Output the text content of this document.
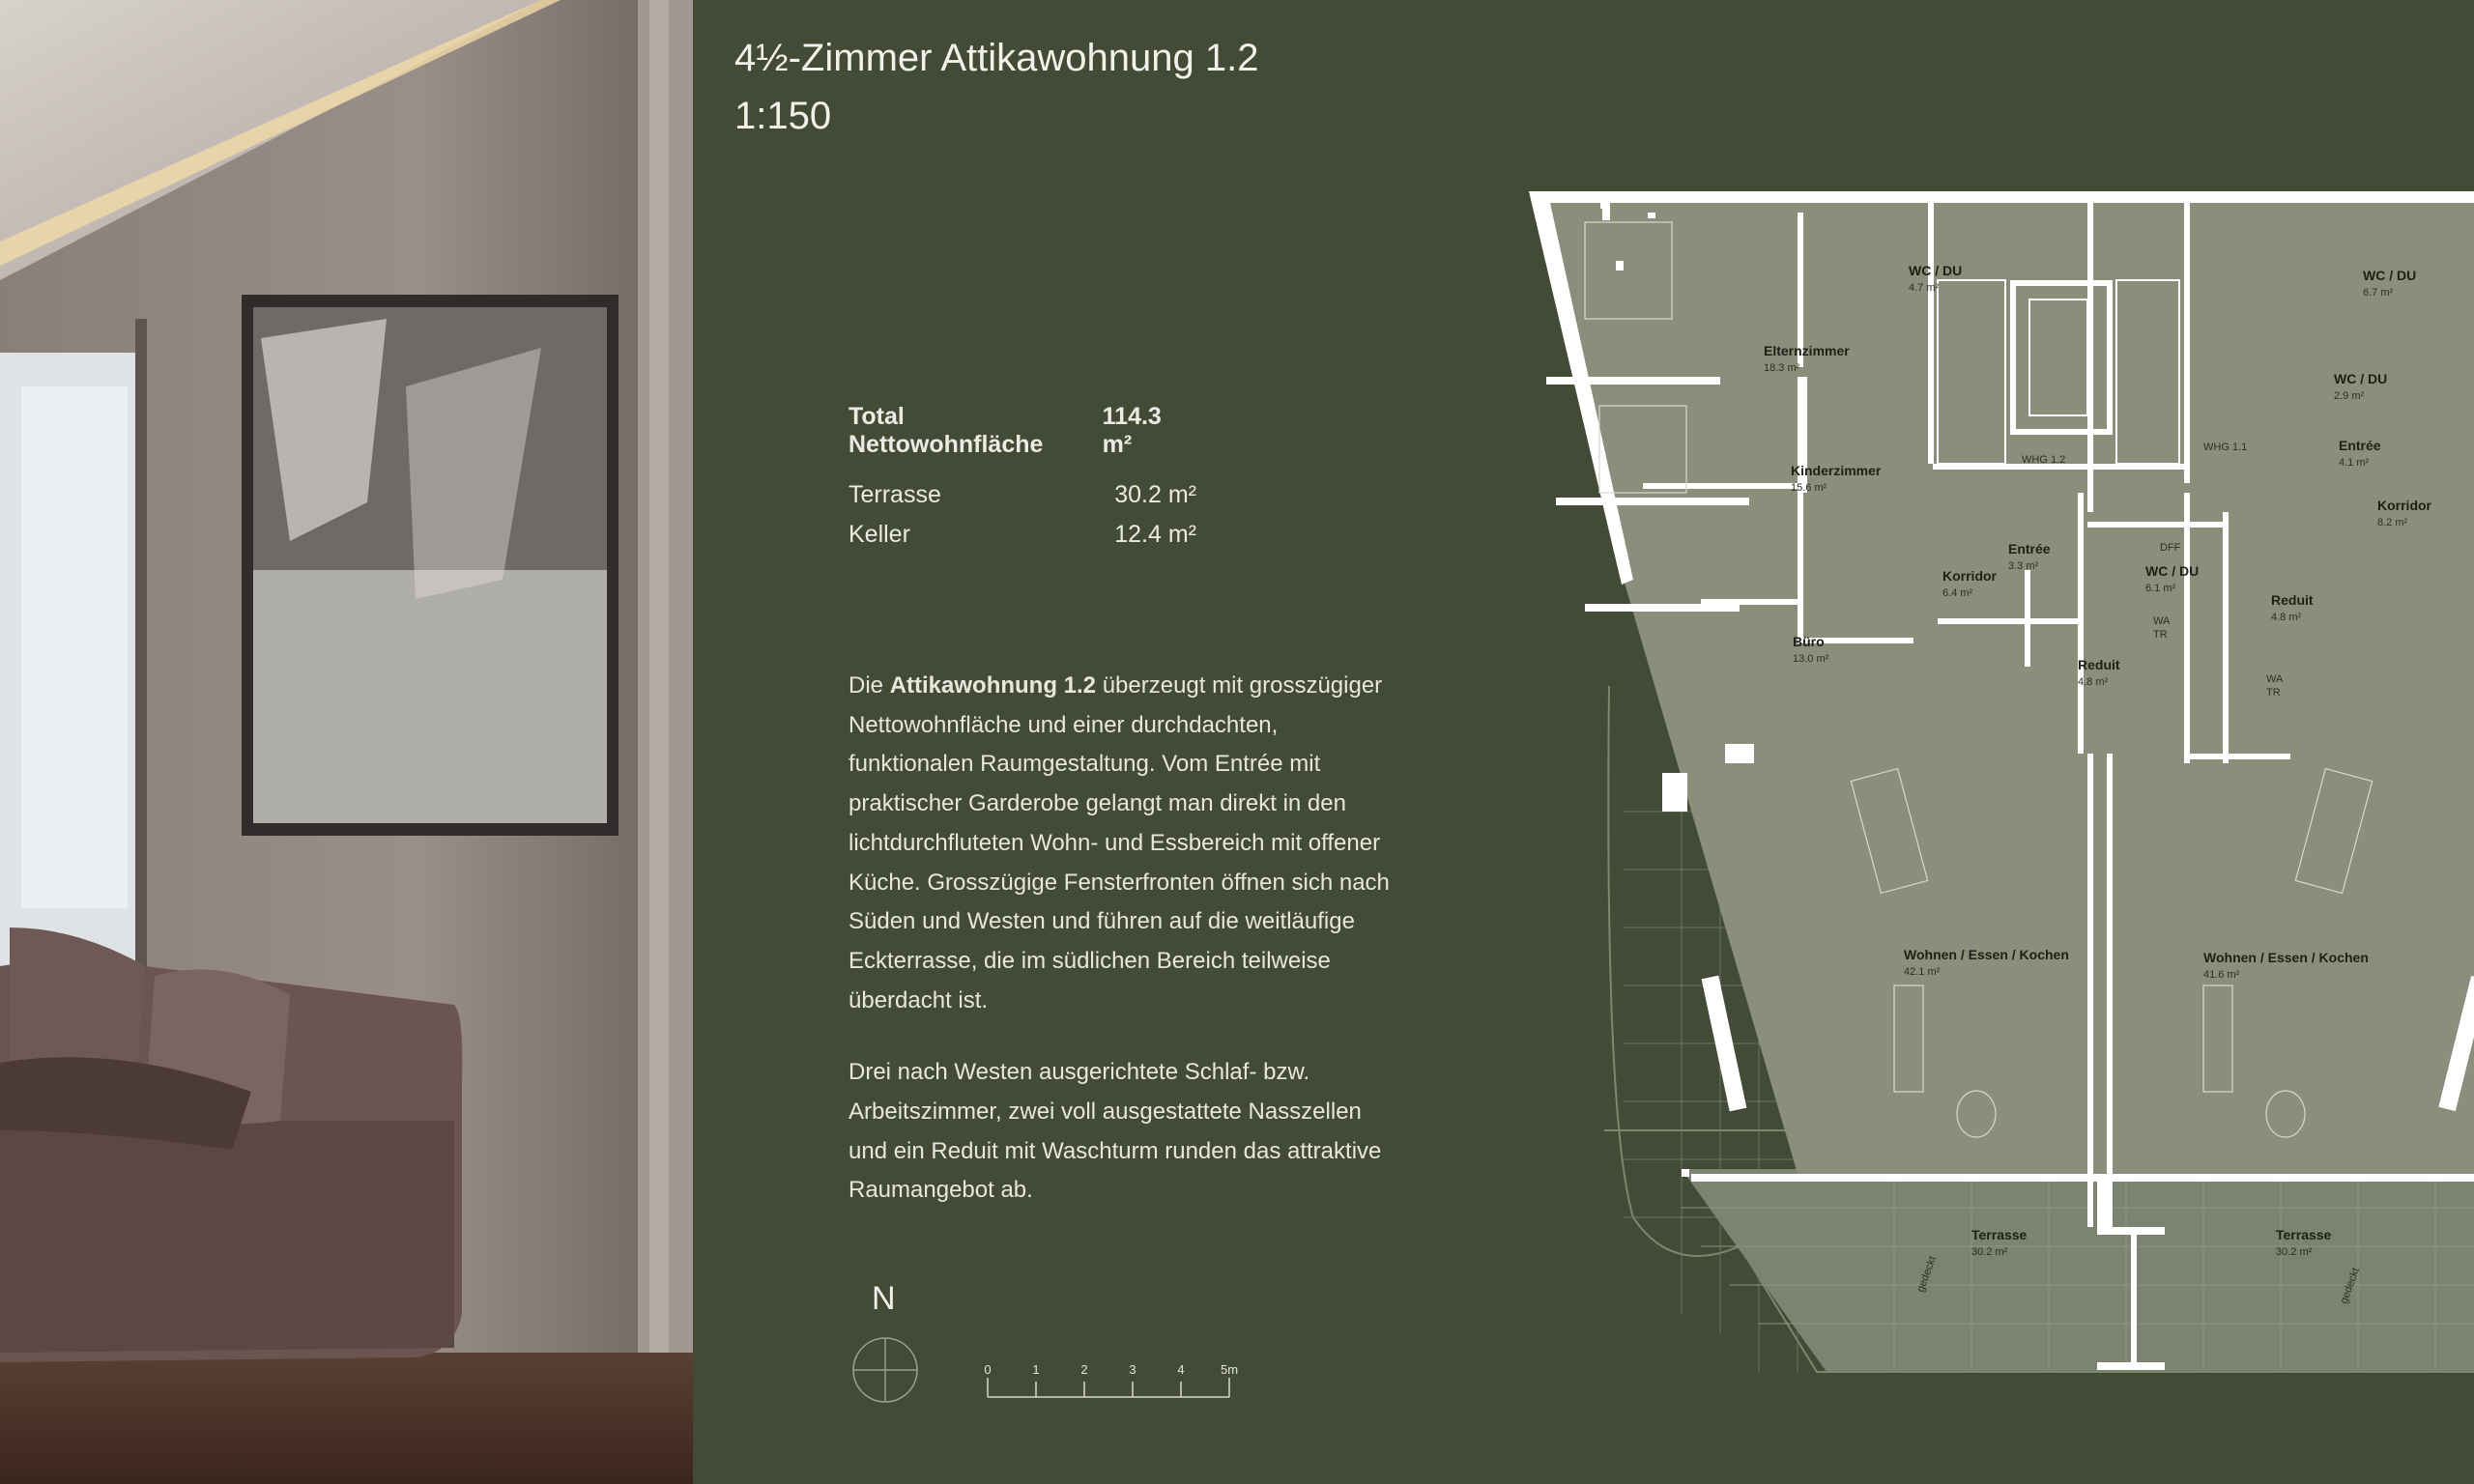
4½-Zimmer Attikawohnung 1.2
1:150
Total Nettowohnfläche
114.3 m²
Terrasse	30.2 m²
Keller	12.4 m²

Die Attikawohnung 1.2 überzeugt mit grosszügiger Nettowohnfläche und einer durchdachten, funktionalen Raumgestaltung. Vom Entrée mit praktischer Garderobe gelangt man direkt in den lichtdurchfluteten Wohn- und Essbereich mit offener Küche. Grosszügige Fensterfronten öffnen sich nach Süden und Westen und führen auf die weitläufige Eckterrasse, die im südlichen Bereich teilweise überdacht ist.

Drei nach Westen ausgerichtete Schlaf- bzw. Arbeitszimmer, zwei voll ausgestattete Nasszellen und ein Reduit mit Waschturm runden das attraktive Raumangebot ab.

N
0	1	2	3	4	5m
WC / DU
4.7 m²
Elternzimmer
18.3 m²
Kinderzimmer
15.6 m²
Büro
13.0 m²
Korridor
6.4 m²
Entrée
3.3 m²	WC / DU
6.1 m²
Reduit
4.8 m²
Wohnen / Essen / Kochen
42.1 m²
Terrasse
30.2 m²
WC / DU
6.7 m²
WC / DU
2.9 m²
Entrée
4.1 m²
Korridor
8.2 m²
Reduit
4.8 m²
Wohnen / Essen / Kochen
41.6 m²
Terrasse
30.2 m²
WHG 1.2
WHG 1.1
DFF
WA
TR
WA
TR
gedeckt	gedeckt
